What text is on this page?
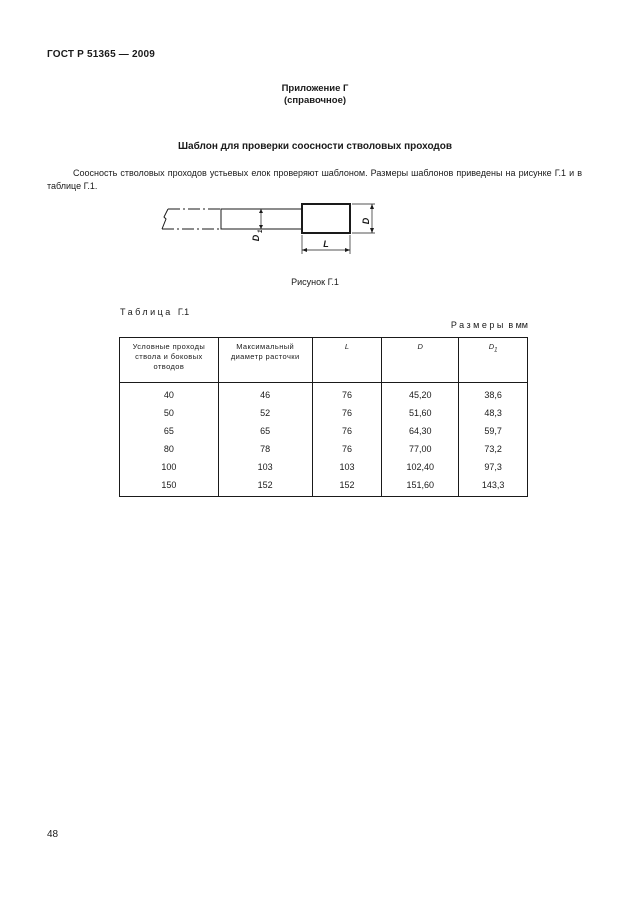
ГОСТ Р 51365 — 2009
Приложение Г
(справочное)
Шаблон для проверки соосности стволовых проходов
Соосность стволовых проходов устьевых елок проверяют шаблоном. Размеры шаблонов приведены на рисунке Г.1 и в таблице Г.1.
D
L
D
1
Рисунок Г.1
Таблица Г.1
Размеры в мм
Условные проходы ствола и боковых отводов	Максимальный диаметр расточки	L	D	$D_1$
40	46	76	45,20	38,6
50	52	76	51,60	48,3
65	65	76	64,30	59,7
80	78	76	77,00	73,2
100	103	103	102,40	97,3
150	152	152	151,60	143,3
48
